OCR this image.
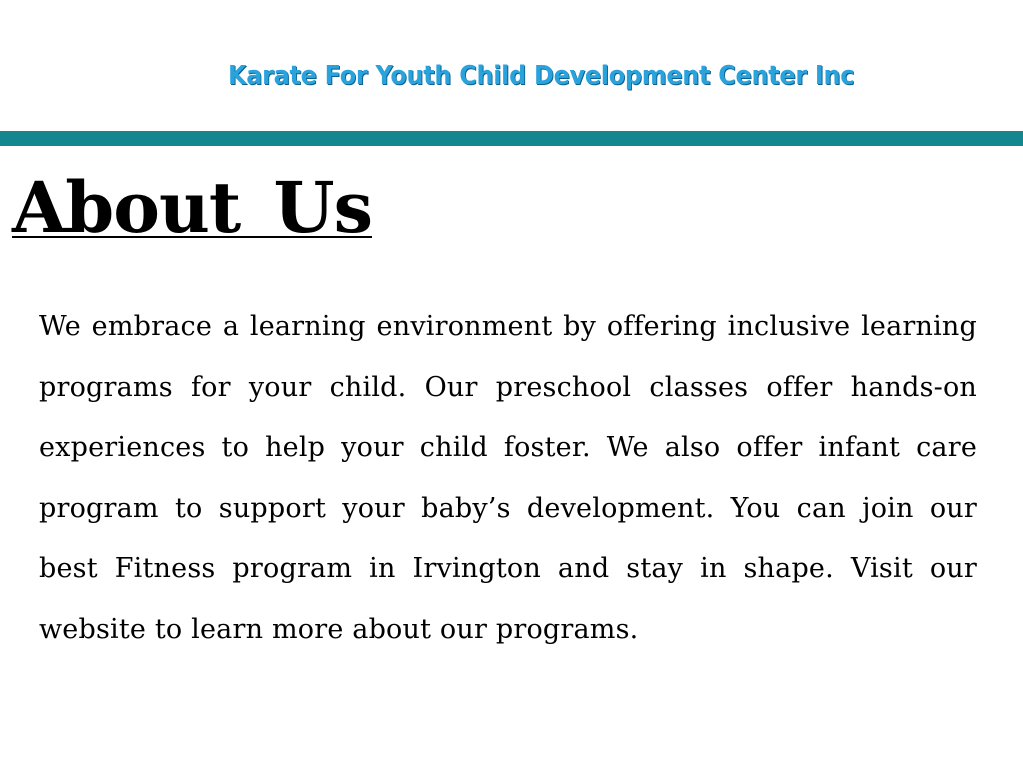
Karate For Youth Child Development Center Inc
About Us

We embrace a learning environment by offering inclusive learning programs for your child. Our preschool classes offer hands-on experiences to help your child foster. We also offer infant care program to support your baby’s development. You can join our best Fitness program in Irvington and stay in shape. Visit our website to learn more about our programs.
